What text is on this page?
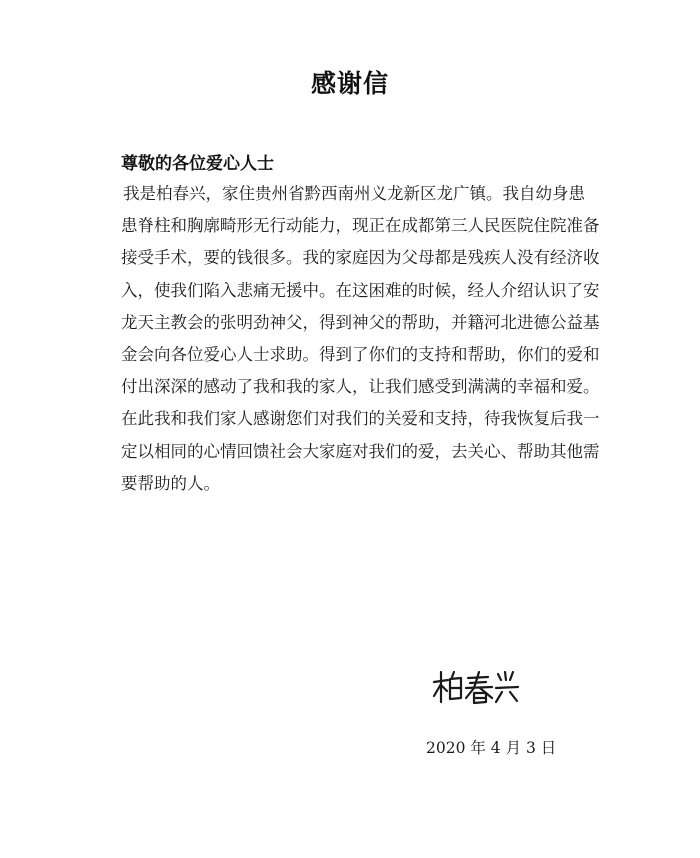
感谢信
尊敬的各位爱心人士
我是柏春兴，家住贵州省黔西南州义龙新区龙广镇。我自幼身患
患脊柱和胸廓畸形无行动能力，现正在成都第三人民医院住院准备
接受手术，要的钱很多。我的家庭因为父母都是残疾人没有经济收
入，使我们陷入悲痛无援中。在这困难的时候，经人介绍认识了安
龙天主教会的张明劲神父，得到神父的帮助，并籍河北进德公益基
金会向各位爱心人士求助。得到了你们的支持和帮助，你们的爱和
付出深深的感动了我和我的家人，让我们感受到满满的幸福和爱。
在此我和我们家人感谢您们对我们的关爱和支持，待我恢复后我一
定以相同的心情回馈社会大家庭对我们的爱，去关心、帮助其他需
要帮助的人。
2020 年 4 月 3 日
